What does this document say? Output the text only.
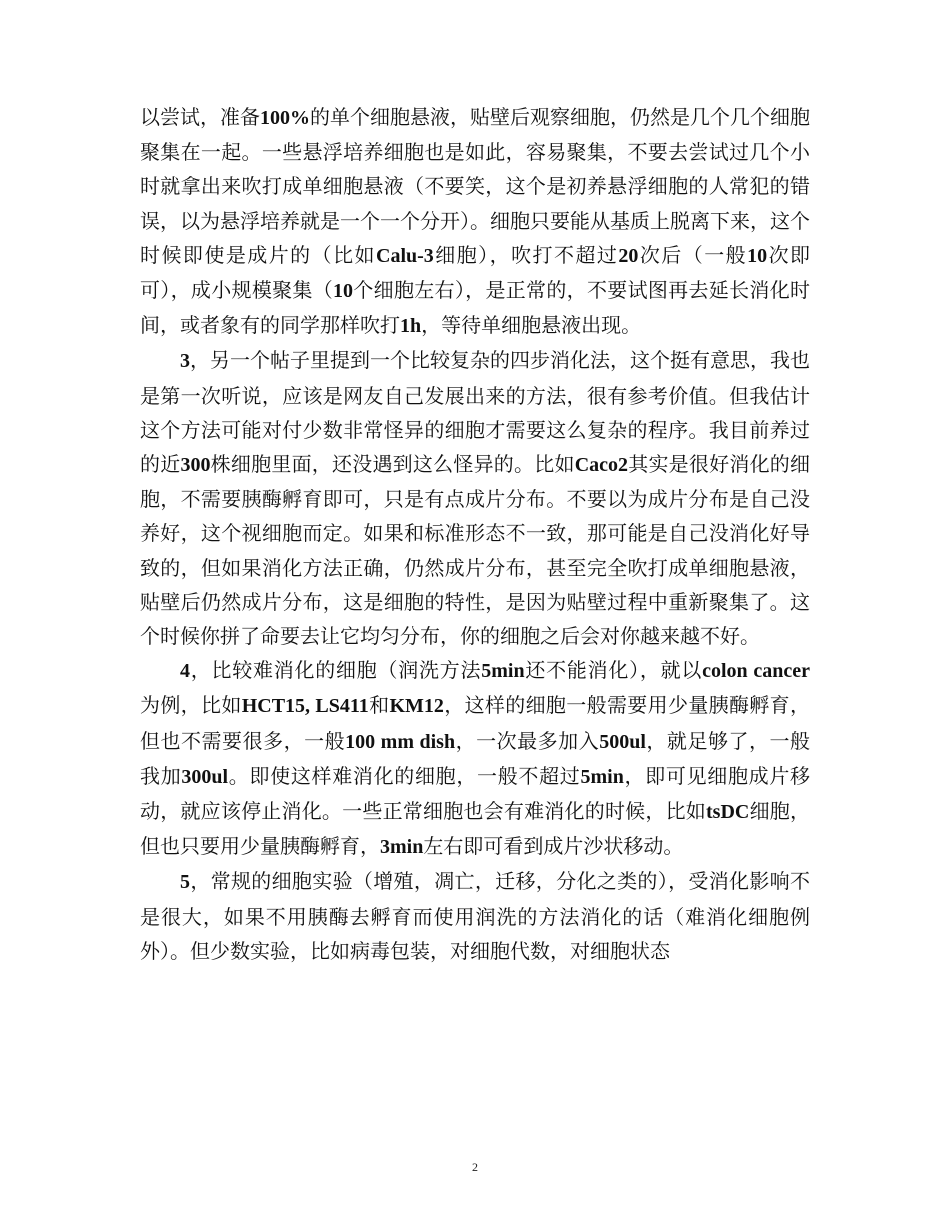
以尝试，准备100%的单个细胞悬液，贴壁后观察细胞，仍然是几个几个细胞聚集在一起。一些悬浮培养细胞也是如此，容易聚集，不要去尝试过几个小时就拿出来吹打成单细胞悬液（不要笑，这个是初养悬浮细胞的人常犯的错误，以为悬浮培养就是一个一个分开）。细胞只要能从基质上脱离下来，这个时候即使是成片的（比如Calu-3细胞），吹打不超过20次后（一般10次即可），成小规模聚集（10个细胞左右），是正常的，不要试图再去延长消化时间，或者象有的同学那样吹打1h，等待单细胞悬液出现。

3，另一个帖子里提到一个比较复杂的四步消化法，这个挺有意思，我也是第一次听说，应该是网友自己发展出来的方法，很有参考价值。但我估计这个方法可能对付少数非常怪异的细胞才需要这么复杂的程序。我目前养过的近300株细胞里面，还没遇到这么怪异的。比如Caco2其实是很好消化的细胞，不需要胰酶孵育即可，只是有点成片分布。不要以为成片分布是自己没养好，这个视细胞而定。如果和标准形态不一致，那可能是自己没消化好导致的，但如果消化方法正确，仍然成片分布，甚至完全吹打成单细胞悬液，贴壁后仍然成片分布，这是细胞的特性，是因为贴壁过程中重新聚集了。这个时候你拼了命要去让它均匀分布，你的细胞之后会对你越来越不好。

4，比较难消化的细胞（润洗方法5min还不能消化），就以colon cancer为例，比如HCT15, LS411和KM12，这样的细胞一般需要用少量胰酶孵育，但也不需要很多，一般100 mm dish，一次最多加入500ul，就足够了，一般我加300ul。即使这样难消化的细胞，一般不超过5min，即可见细胞成片移动，就应该停止消化。一些正常细胞也会有难消化的时候，比如tsDC细胞，但也只要用少量胰酶孵育，3min左右即可看到成片沙状移动。

5，常规的细胞实验（增殖，凋亡，迁移，分化之类的），受消化影响不是很大，如果不用胰酶去孵育而使用润洗的方法消化的话（难消化细胞例外）。但少数实验，比如病毒包装，对细胞代数，对细胞状态

2
